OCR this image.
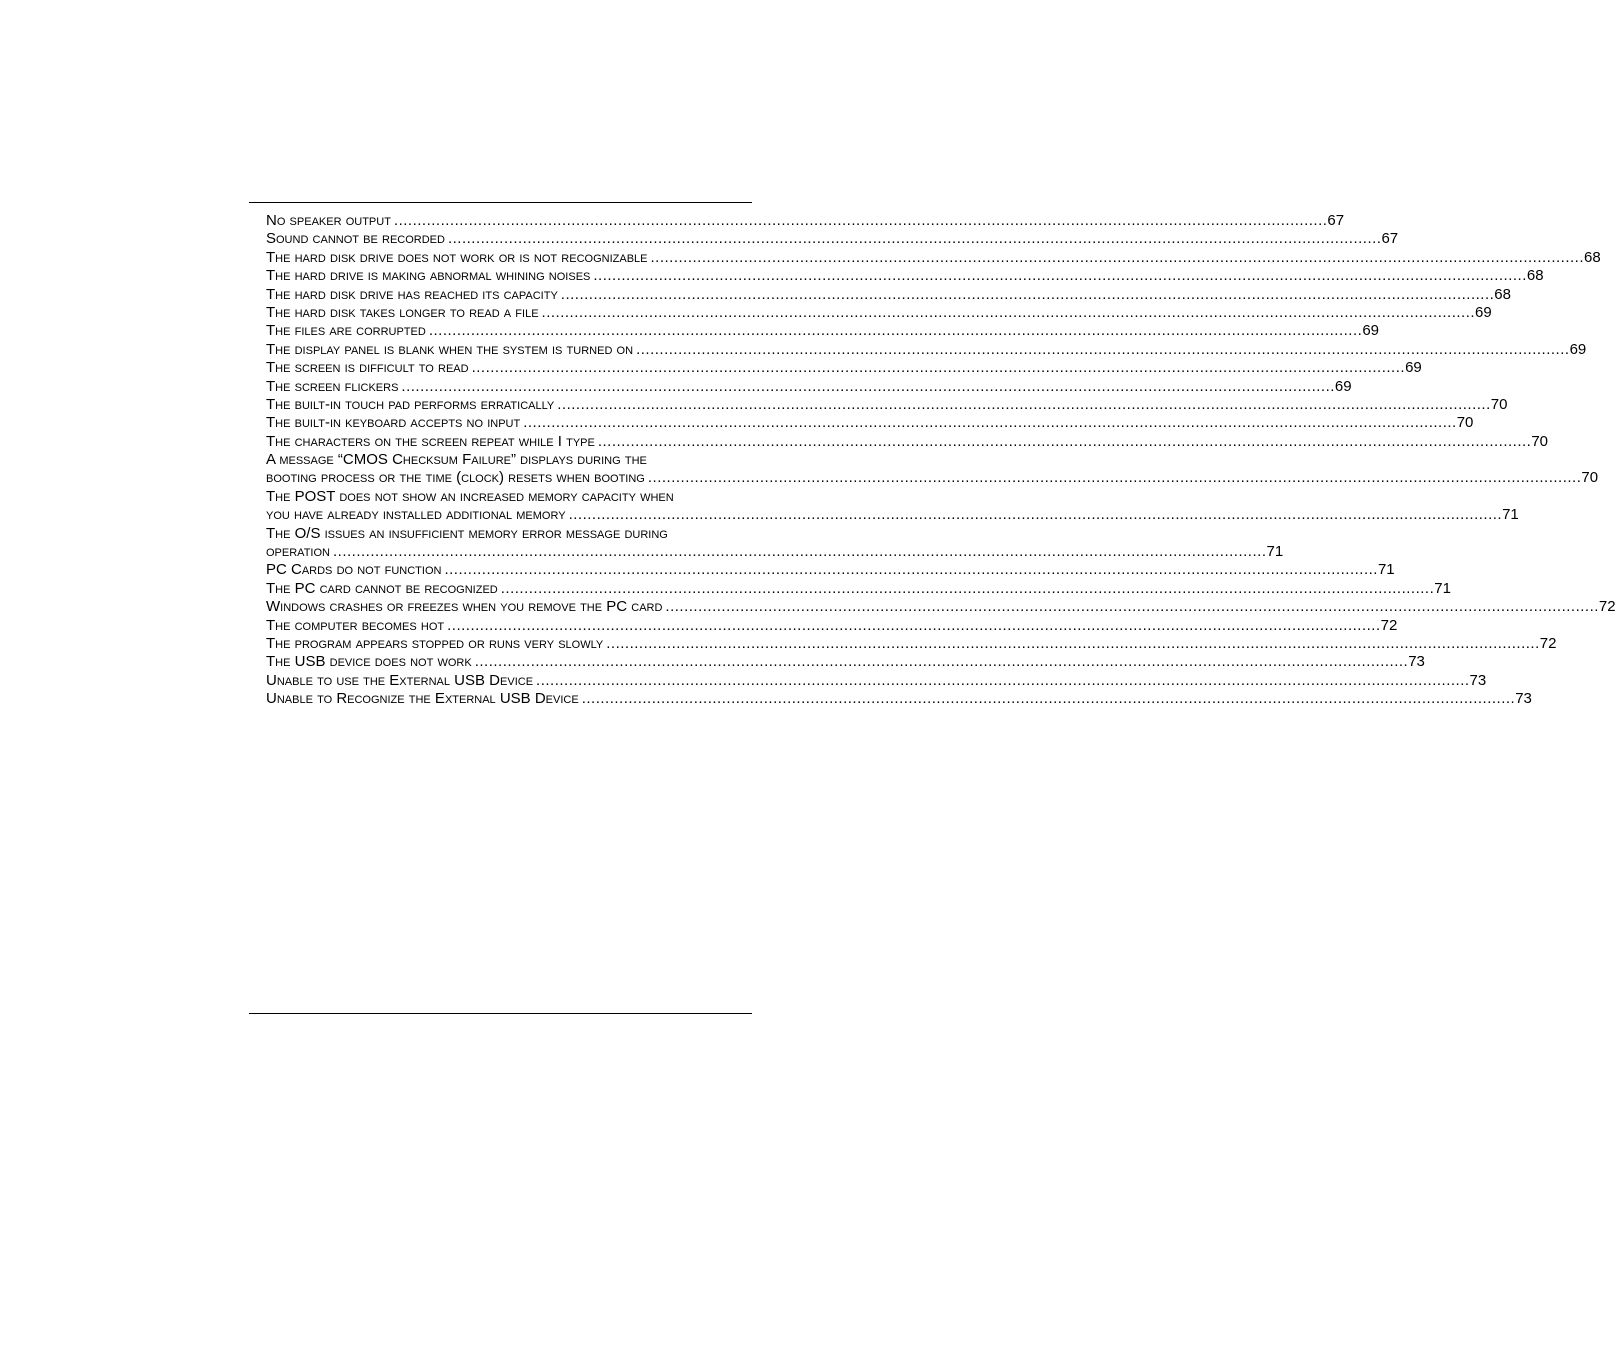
No speaker output .....	67
Sound cannot be recorded .....	67
The hard disk drive does not work or is not recognizable .....	68
The hard drive is making abnormal whining noises .....	68
The hard disk drive has reached its capacity .....	68
The hard disk takes longer to read a file .....	69
The files are corrupted .....	69
The display panel is blank when the system is turned on .....	69
The screen is difficult to read .....	69
The screen flickers .....	69
The built-in touch pad performs erratically .....	70
The built-in keyboard accepts no input .....	70
The characters on the screen repeat while I type .....	70
A message “CMOS Checksum Failure” displays during the
booting process or the time (clock) resets when booting .....	70
The POST does not show an increased memory capacity when
you have already installed additional memory .....	71
The O/S issues an insufficient memory error message during
operation .....	71
PC Cards do not function .....	71
The PC card cannot be recognized .....	71
Windows crashes or freezes when you remove the PC card .....	72
The computer becomes hot .....	72
The program appears stopped or runs very slowly .....	72
The USB device does not work .....	73
Unable to use the External USB Device .....	73
Unable to Recognize the External USB Device .....	73
